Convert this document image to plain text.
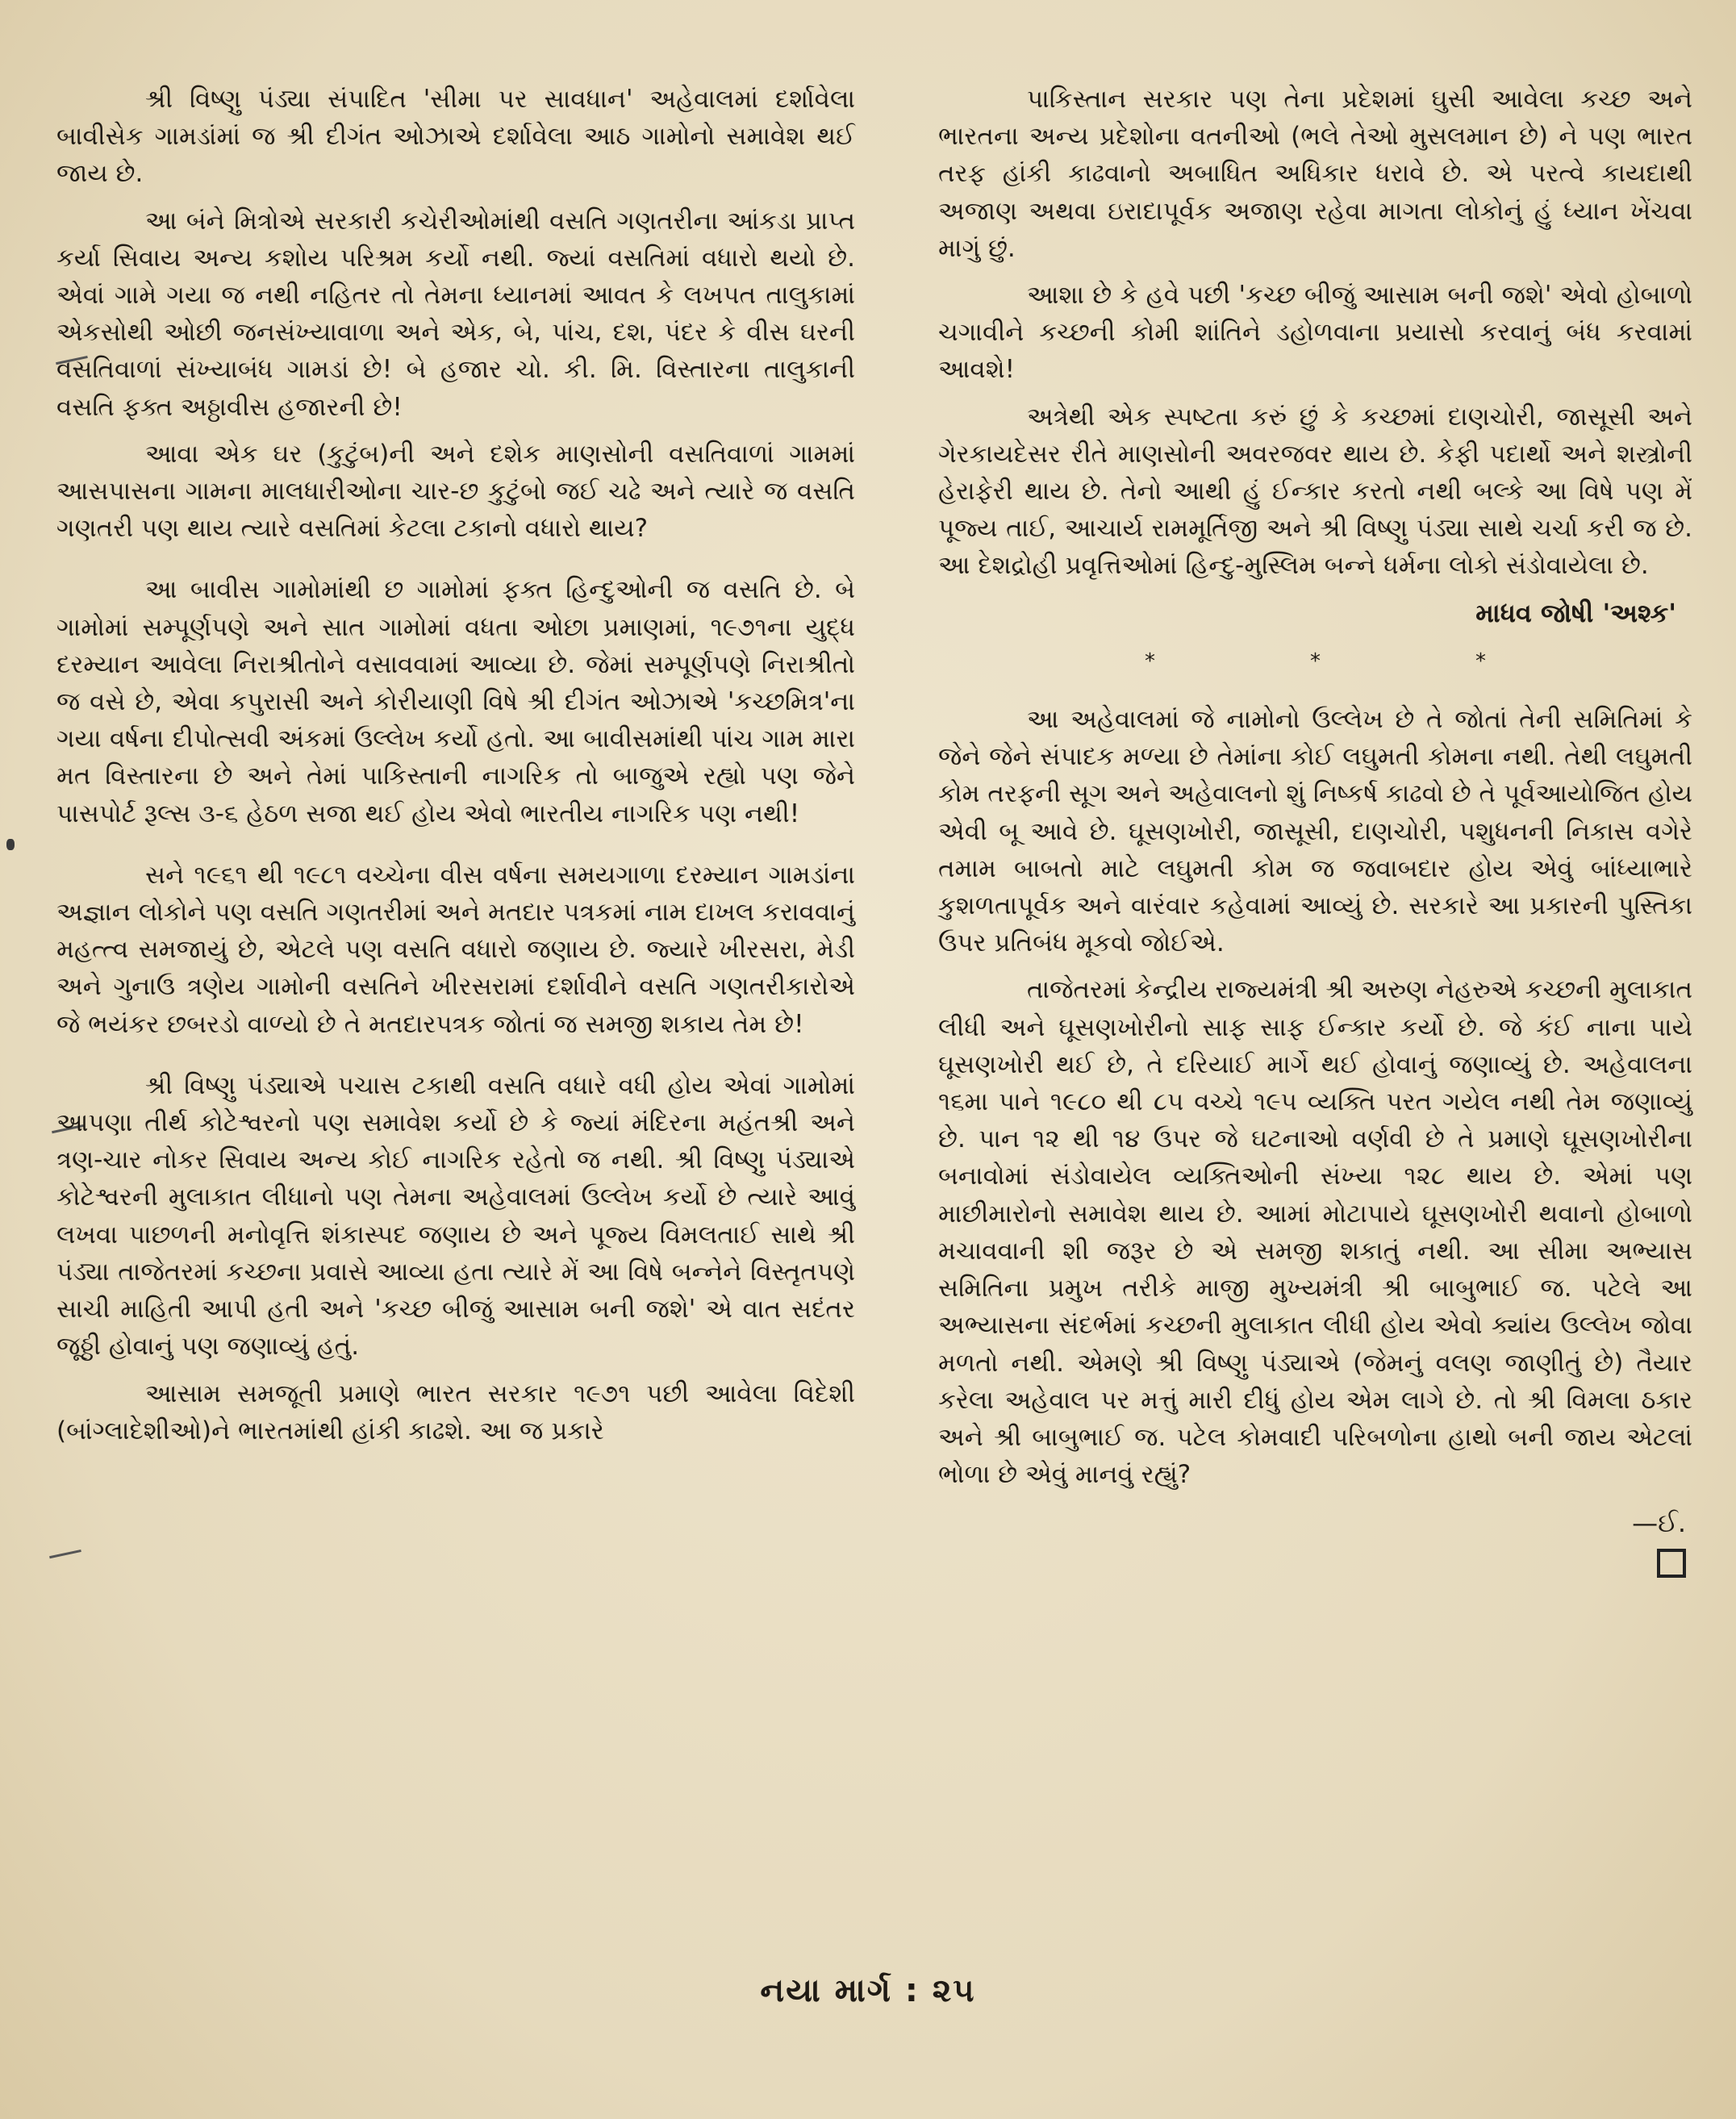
શ્રી વિષ્ણુ પંડ્યા સંપાદિત 'સીમા પર સાવધાન' અહેવાલમાં દર્શાવેલા બાવીસેક ગામડાંમાં જ શ્રી દીગંત ઓઝાએ દર્શાવેલા આઠ ગામોનો સમાવેશ થઈ જાય છે.

આ બંને મિત્રોએ સરકારી કચેરીઓમાંથી વસતિ ગણતરીના આંકડા પ્રાપ્ત કર્યા સિવાય અન્ય કશોય પરિશ્રમ કર્યો નથી. જ્યાં વસતિમાં વધારો થયો છે. એવાં ગામે ગયા જ નથી નહિતર તો તેમના ધ્યાનમાં આવત કે લખપત તાલુકામાં એકસોથી ઓછી જનસંખ્યાવાળા અને એક, બે, પાંચ, દશ, પંદર કે વીસ ઘરની વસતિવાળાં સંખ્યાબંધ ગામડાં છે! બે હજાર ચો. કી. મિ. વિસ્તારના તાલુકાની વસતિ ફક્ત અઠ્ઠાવીસ હજારની છે!

આવા એક ઘર (કુટુંબ)ની અને દશેક માણસોની વસતિવાળાં ગામમાં આસપાસના ગામના માલધારીઓના ચાર-છ કુટુંબો જઈ ચઢે અને ત્યારે જ વસતિ ગણતરી પણ થાય ત્યારે વસતિમાં કેટલા ટકાનો વધારો થાય?

આ બાવીસ ગામોમાંથી છ ગામોમાં ફક્ત હિન્દુઓની જ વસતિ છે. બે ગામોમાં સમ્પૂર્ણપણે અને સાત ગામોમાં વધતા ઓછા પ્રમાણમાં, ૧૯૭૧ના યુદ્ધ દરમ્યાન આવેલા નિરાશ્રીતોને વસાવવામાં આવ્યા છે. જેમાં સમ્પૂર્ણપણે નિરાશ્રીતો જ વસે છે, એવા કપુરાસી અને કોરીયાણી વિષે શ્રી દીગંત ઓઝાએ 'કચ્છમિત્ર'ના ગયા વર્ષના દીપોત્સવી અંકમાં ઉલ્લેખ કર્યો હતો. આ બાવીસમાંથી પાંચ ગામ મારા મત વિસ્તારના છે અને તેમાં પાકિસ્તાની નાગરિક તો બાજુએ રહ્યો પણ જેને પાસપોર્ટ રૂલ્સ ૩-૬ હેઠળ સજા થઈ હોય એવો ભારતીય નાગરિક પણ નથી!

સને ૧૯૬૧ થી ૧૯૮૧ વચ્ચેના વીસ વર્ષના સમયગાળા દરમ્યાન ગામડાંના અજ્ઞાન લોકોને પણ વસતિ ગણતરીમાં અને મતદાર પત્રકમાં નામ દાખલ કરાવવાનું મહત્ત્વ સમજાયું છે, એટલે પણ વસતિ વધારો જણાય છે. જ્યારે ખીરસરા, મેડી અને ગુનાઉ ત્રણેય ગામોની વસતિને ખીરસરામાં દર્શાવીને વસતિ ગણતરીકારોએ જે ભયંકર છબરડો વાળ્યો છે તે મતદારપત્રક જોતાં જ સમજી શકાય તેમ છે!

શ્રી વિષ્ણુ પંડ્યાએ પચાસ ટકાથી વસતિ વધારે વધી હોય એવાં ગામોમાં આપણા તીર્થ કોટેશ્વરનો પણ સમાવેશ કર્યો છે કે જ્યાં મંદિરના મહંતશ્રી અને ત્રણ-ચાર નોકર સિવાય અન્ય કોઈ નાગરિક રહેતો જ નથી. શ્રી વિષ્ણુ પંડ્યાએ કોટેશ્વરની મુલાકાત લીધાનો પણ તેમના અહેવાલમાં ઉલ્લેખ કર્યો છે ત્યારે આવું લખવા પાછળની મનોવૃત્તિ શંકાસ્પદ જણાય છે અને પૂજ્ય વિમલતાઈ સાથે શ્રી પંડ્યા તાજેતરમાં કચ્છના પ્રવાસે આવ્યા હતા ત્યારે મેં આ વિષે બન્નેને વિસ્તૃતપણે સાચી માહિતી આપી હતી અને 'કચ્છ બીજું આસામ બની જશે' એ વાત સદંતર જૂઠ્ઠી હોવાનું પણ જણાવ્યું હતું.

આસામ સમજૂતી પ્રમાણે ભારત સરકાર ૧૯૭૧ પછી આવેલા વિદેશી (બાંગ્લાદેશીઓ)ને ભારતમાંથી હાંકી કાઢશે. આ જ પ્રકારે

પાકિસ્તાન સરકાર પણ તેના પ્રદેશમાં ઘુસી આવેલા કચ્છ અને ભારતના અન્ય પ્રદેશોના વતનીઓ (ભલે તેઓ મુસલમાન છે) ને પણ ભારત તરફ હાંકી કાઢવાનો અબાધિત અધિકાર ધરાવે છે. એ પરત્વે કાયદાથી અજાણ અથવા ઇરાદાપૂર્વક અજાણ રહેવા માગતા લોકોનું હું ધ્યાન ખેંચવા માગું છું.

આશા છે કે હવે પછી 'કચ્છ બીજું આસામ બની જશે' એવો હોબાળો ચગાવીને કચ્છની કોમી શાંતિને ડહોળવાના પ્રયાસો કરવાનું બંધ કરવામાં આવશે!

અત્રેથી એક સ્પષ્ટતા કરું છું કે કચ્છમાં દાણચોરી, જાસૂસી અને ગેરકાયદેસર રીતે માણસોની અવરજવર થાય છે. કેફી પદાર્થો અને શસ્ત્રોની હેરાફેરી થાય છે. તેનો આથી હું ઈન્કાર કરતો નથી બલ્કે આ વિષે પણ મેં પૂજ્ય તાઈ, આચાર્ય રામમૂર્તિજી અને શ્રી વિષ્ણુ પંડ્યા સાથે ચર્ચા કરી જ છે. આ દેશદ્રોહી પ્રવૃત્તિઓમાં હિન્દુ-મુસ્લિમ બન્ને ધર્મના લોકો સંડોવાયેલા છે.

માધવ જોષી 'અશ્ક'
*	*	*

આ અહેવાલમાં જે નામોનો ઉલ્લેખ છે તે જોતાં તેની સમિતિમાં કે જેને જેને સંપાદક મળ્યા છે તેમાંના કોઈ લઘુમતી કોમના નથી. તેથી લઘુમતી કોમ તરફની સૂગ અને અહેવાલનો શું નિષ્કર્ષ કાઢવો છે તે પૂર્વઆયોજિત હોય એવી બૂ આવે છે. ઘૂસણખોરી, જાસૂસી, દાણચોરી, પશુધનની નિકાસ વગેરે તમામ બાબતો માટે લઘુમતી કોમ જ જવાબદાર હોય એવું બાંધ્યાભારે કુશળતાપૂર્વક અને વારંવાર કહેવામાં આવ્યું છે. સરકારે આ પ્રકારની પુસ્તિકા ઉપર પ્રતિબંધ મૂકવો જોઈએ.

તાજેતરમાં કેન્દ્રીય રાજ્યમંત્રી શ્રી અરુણ નેહરુએ કચ્છની મુલાકાત લીધી અને ઘૂસણખોરીનો સાફ સાફ ઈન્કાર કર્યો છે. જે કંઈ નાના પાયે ઘૂસણખોરી થઈ છે, તે દરિયાઈ માર્ગે થઈ હોવાનું જણાવ્યું છે. અહેવાલના ૧૬મા પાને ૧૯૮૦ થી ૮૫ વચ્ચે ૧૯૫ વ્યક્તિ પરત ગયેલ નથી તેમ જણાવ્યું છે. પાન ૧૨ થી ૧૪ ઉપર જે ઘટનાઓ વર્ણવી છે તે પ્રમાણે ઘૂસણખોરીના બનાવોમાં સંડોવાયેલ વ્યક્તિઓની સંખ્યા ૧૨૮ થાય છે. એમાં પણ માછીમારોનો સમાવેશ થાય છે. આમાં મોટાપાયે ઘૂસણખોરી થવાનો હોબાળો મચાવવાની શી જરૂર છે એ સમજી શકાતું નથી. આ સીમા અભ્યાસ સમિતિના પ્રમુખ તરીકે માજી મુખ્યમંત્રી શ્રી બાબુભાઈ જ. પટેલે આ અભ્યાસના સંદર્ભમાં કચ્છની મુલાકાત લીધી હોય એવો ક્યાંય ઉલ્લેખ જોવા મળતો નથી. એમણે શ્રી વિષ્ણુ પંડ્યાએ (જેમનું વલણ જાણીતું છે) તૈયાર કરેલા અહેવાલ પર મત્તું મારી દીધું હોય એમ લાગે છે. તો શ્રી વિમલા ઠકાર અને શ્રી બાબુભાઈ જ. પટેલ કોમવાદી પરિબળોના હાથો બની જાય એટલાં ભોળા છે એવું માનવું રહ્યું?

—ઈ.
નયા માર્ગ : ૨૫
